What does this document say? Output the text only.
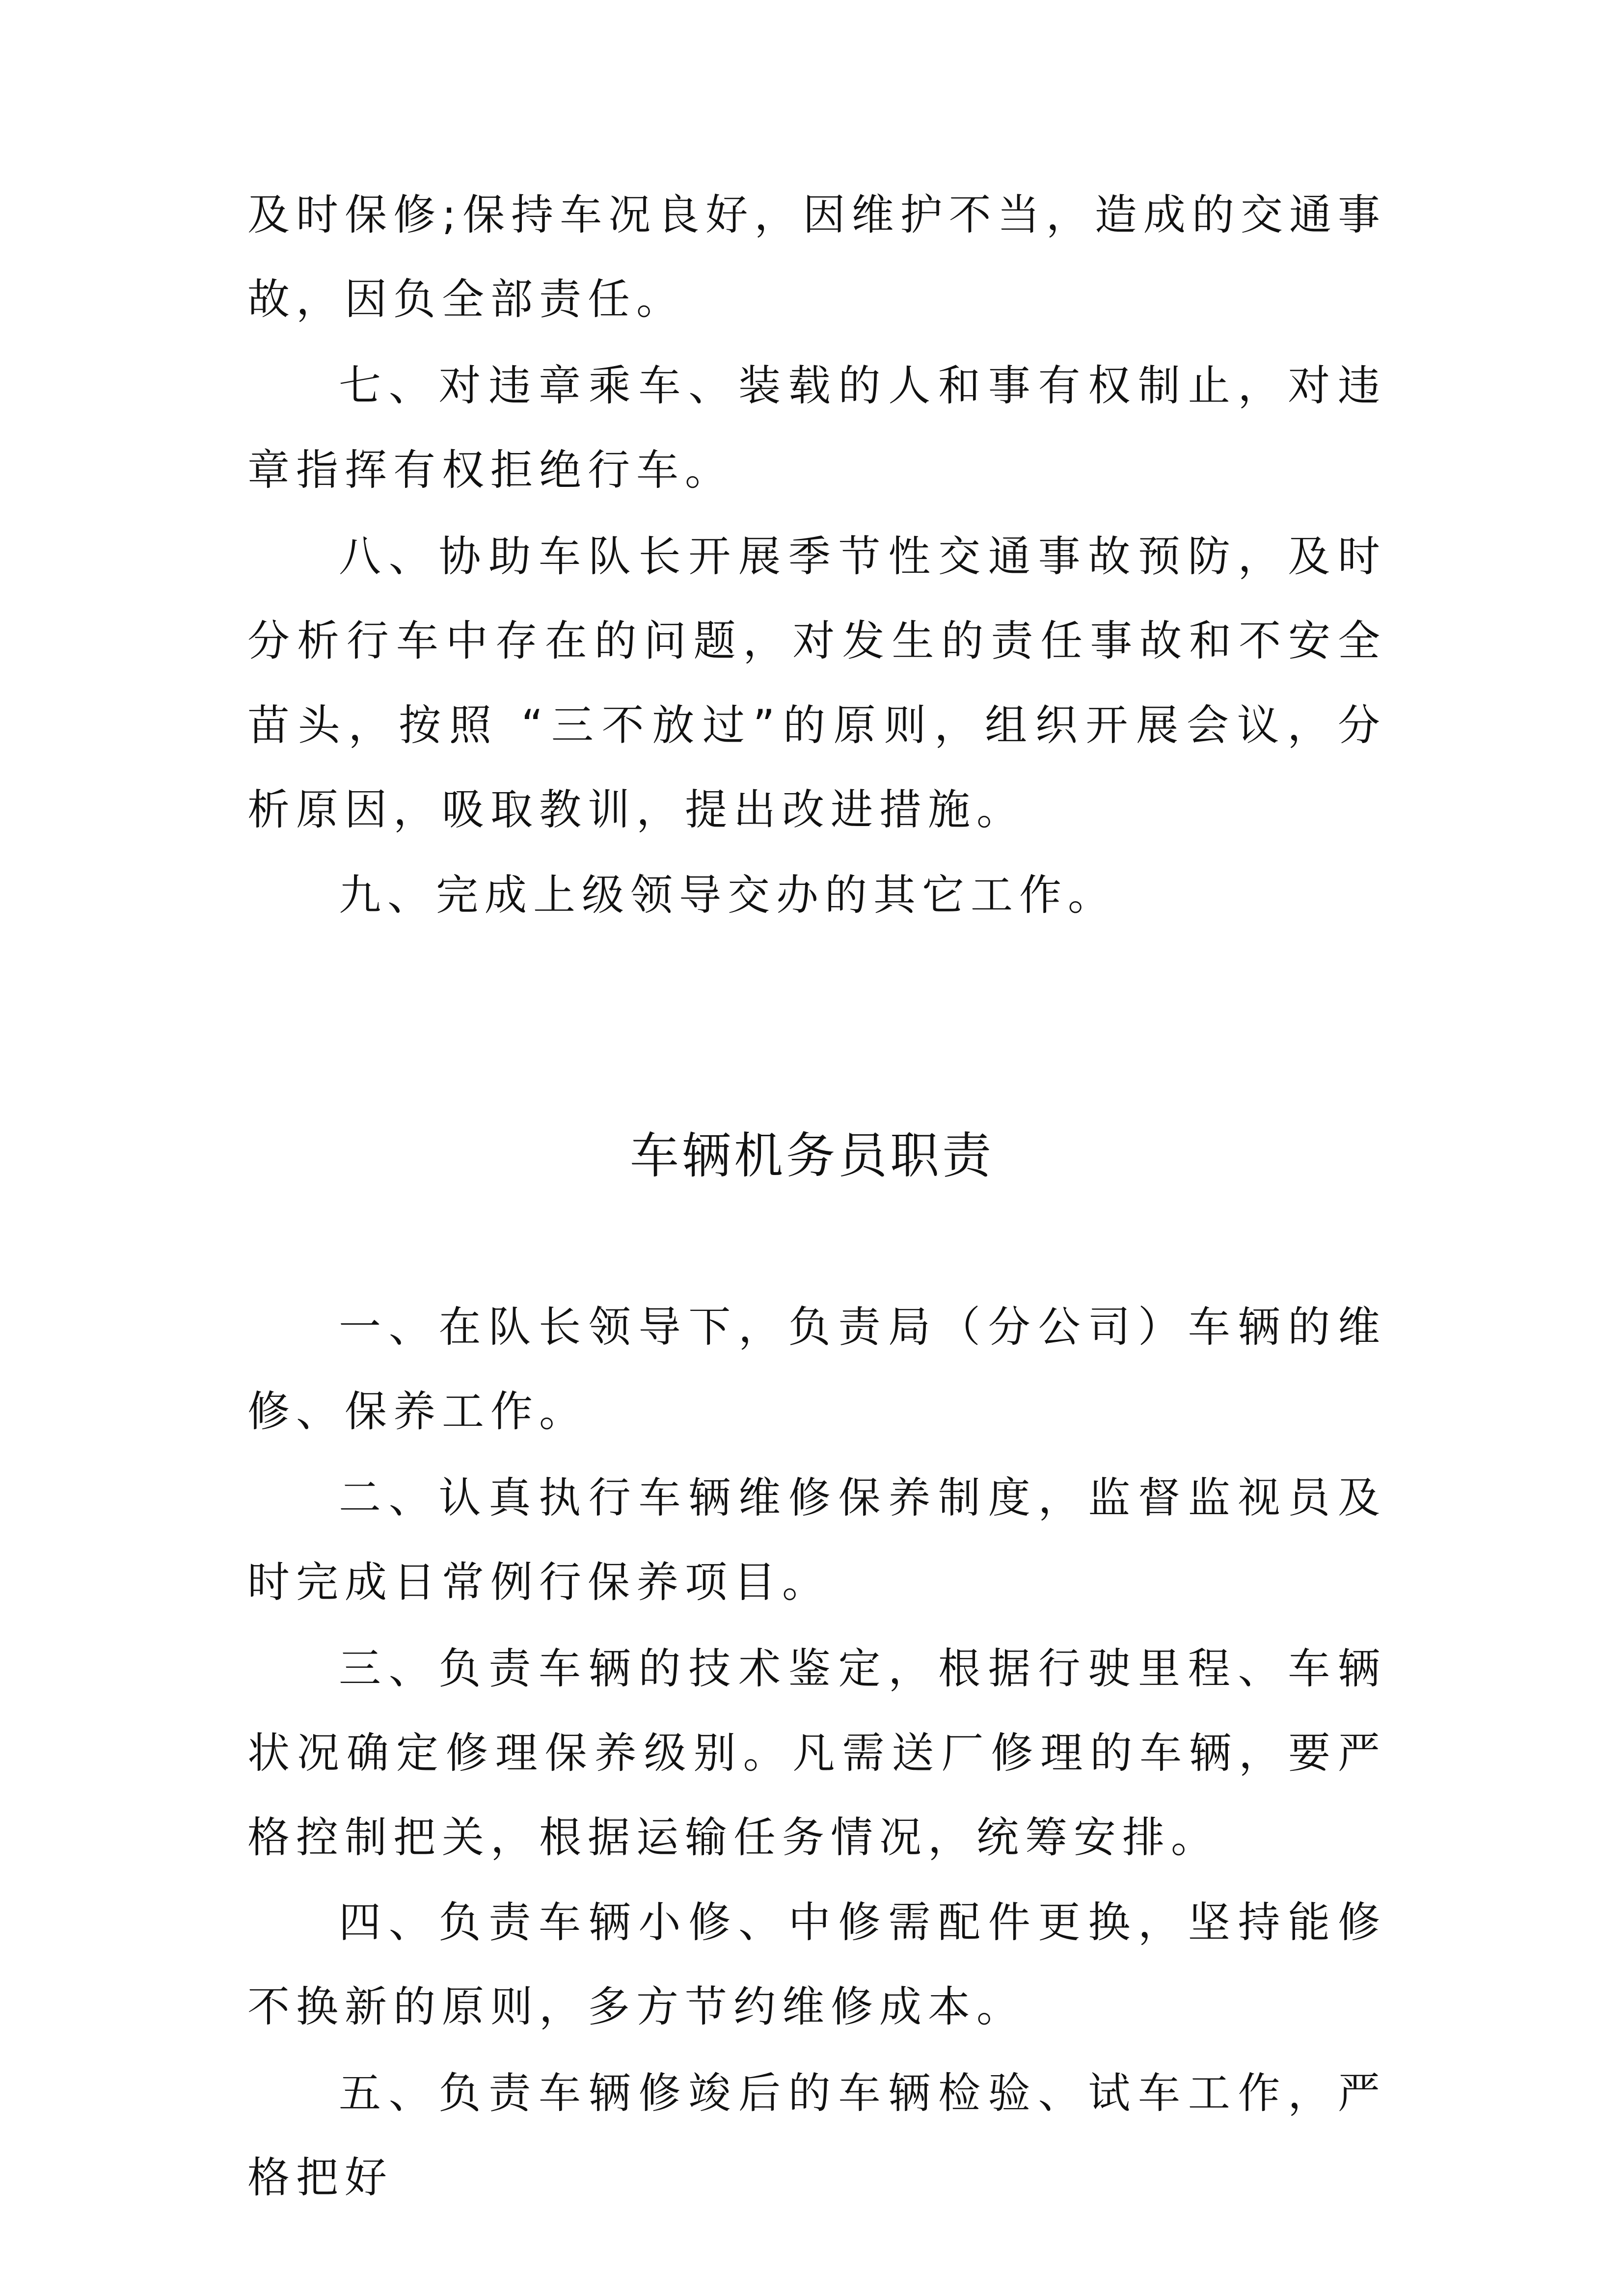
及时保修;保持车况良好，因维护不当，造成的交通事故，因负全部责任。

七、对违章乘车、装载的人和事有权制止，对违章指挥有权拒绝行车。

八、协助车队长开展季节性交通事故预防，及时分析行车中存在的问题，对发生的责任事故和不安全苗头，按照 “三不放过”的原则，组织开展会议，分析原因，吸取教训，提出改进措施。

九、完成上级领导交办的其它工作。

车辆机务员职责

一、在队长领导下，负责局（分公司）车辆的维修、保养工作。

二、认真执行车辆维修保养制度，监督监视员及时完成日常例行保养项目。

三、负责车辆的技术鉴定，根据行驶里程、车辆状况确定修理保养级别。凡需送厂修理的车辆，要严格控制把关，根据运输任务情况，统筹安排。

四、负责车辆小修、中修需配件更换，坚持能修不换新的原则，多方节约维修成本。

五、负责车辆修竣后的车辆检验、试车工作，严格把好
